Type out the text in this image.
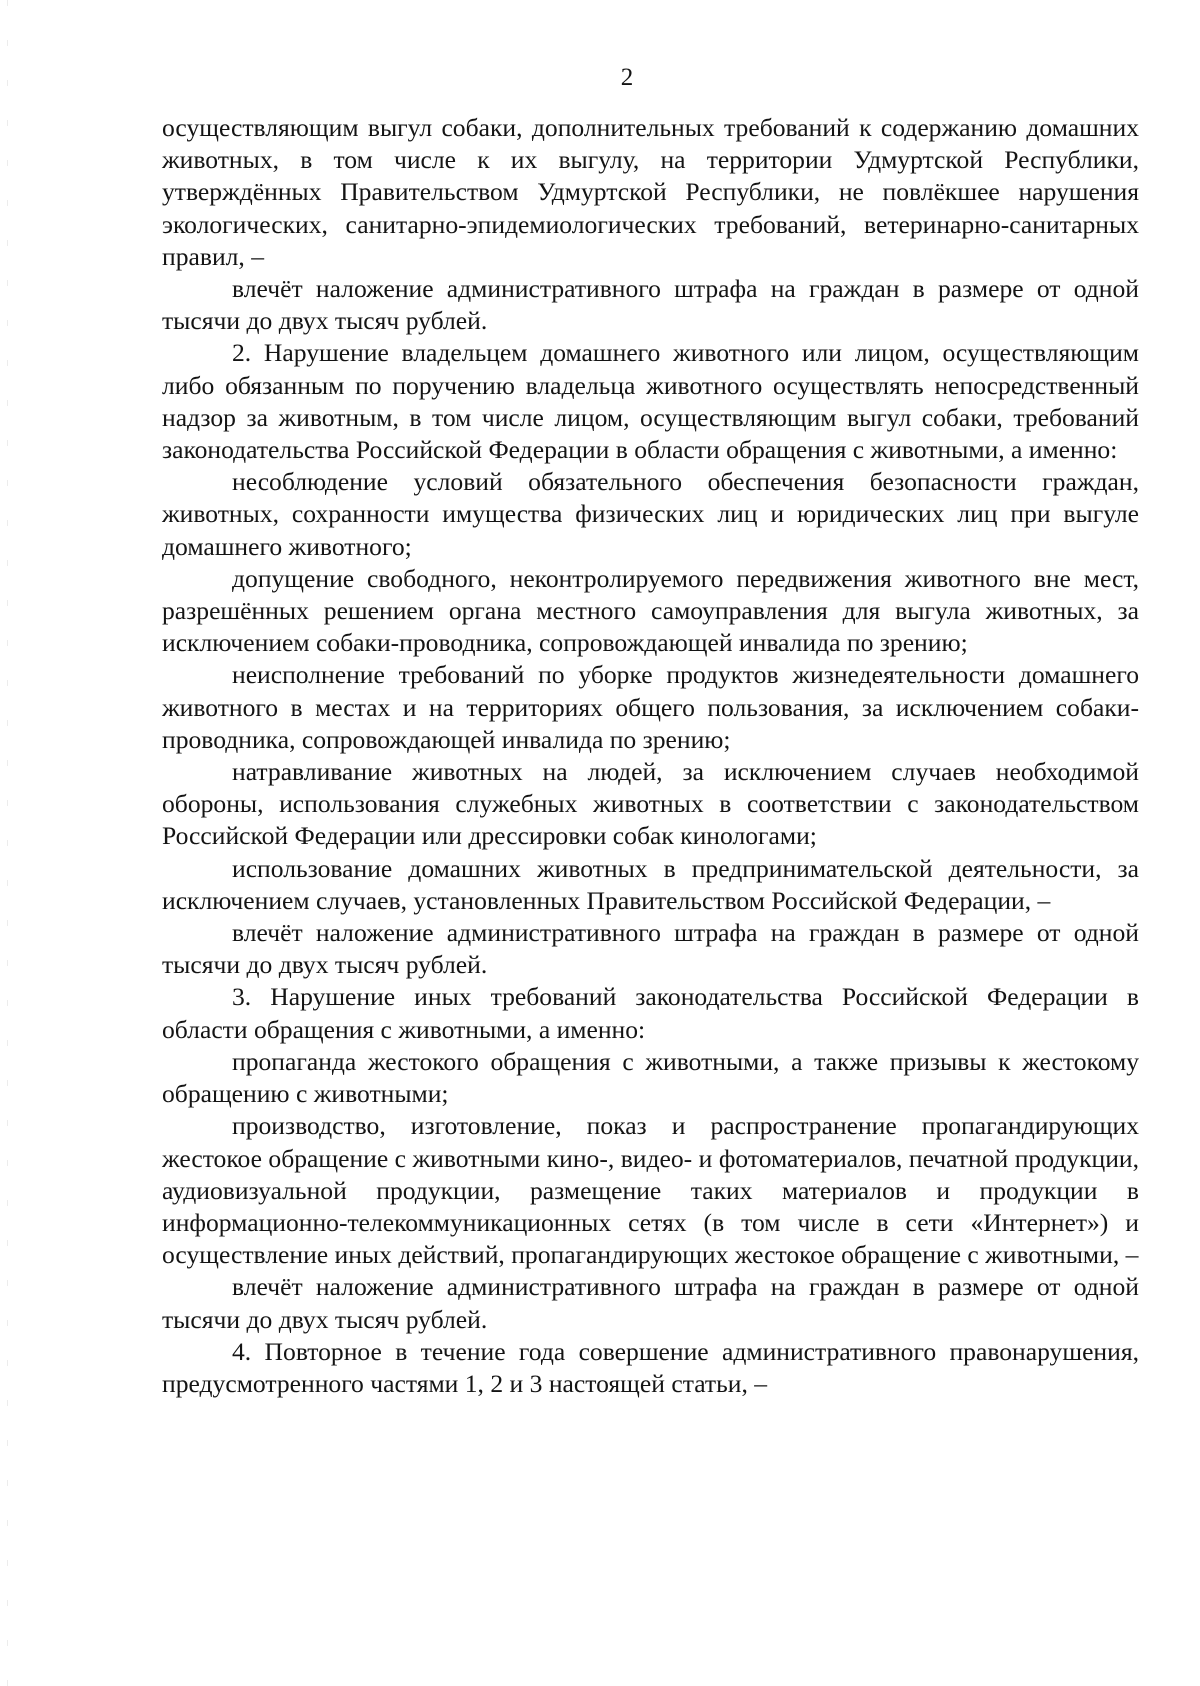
2

осуществляющим выгул собаки, дополнительных требований к содержанию домашних животных, в том числе к их выгулу, на территории Удмуртской Республики, утверждённых Правительством Удмуртской Республики, не повлёкшее нарушения экологических, санитарно-эпидемиологических требований, ветеринарно-санитарных правил, –

влечёт наложение административного штрафа на граждан в размере от одной тысячи до двух тысяч рублей.

2. Нарушение владельцем домашнего животного или лицом, осуществляющим либо обязанным по поручению владельца животного осуществлять непосредственный надзор за животным, в том числе лицом, осуществляющим выгул собаки, требований законодательства Российской Федерации в области обращения с животными, а именно:

несоблюдение условий обязательного обеспечения безопасности граждан, животных, сохранности имущества физических лиц и юридических лиц при выгуле домашнего животного;

допущение свободного, неконтролируемого передвижения животного вне мест, разрешённых решением органа местного самоуправления для выгула животных, за исключением собаки-проводника, сопровождающей инвалида по зрению;

неисполнение требований по уборке продуктов жизнедеятельности домашнего животного в местах и на территориях общего пользования, за исключением собаки-проводника, сопровождающей инвалида по зрению;

натравливание животных на людей, за исключением случаев необходимой обороны, использования служебных животных в соответствии с законодательством Российской Федерации или дрессировки собак кинологами;

использование домашних животных в предпринимательской деятельности, за исключением случаев, установленных Правительством Российской Федерации, –

влечёт наложение административного штрафа на граждан в размере от одной тысячи до двух тысяч рублей.

3. Нарушение иных требований законодательства Российской Федерации в области обращения с животными, а именно:

пропаганда жестокого обращения с животными, а также призывы к жестокому обращению с животными;

производство, изготовление, показ и распространение пропагандирующих жестокое обращение с животными кино-, видео- и фотоматериалов, печатной продукции, аудиовизуальной продукции, размещение таких материалов и продукции в информационно-телекоммуникационных сетях (в том числе в сети «Интернет») и осуществление иных действий, пропагандирующих жестокое обращение с животными, –

влечёт наложение административного штрафа на граждан в размере от одной тысячи до двух тысяч рублей.

4. Повторное в течение года совершение административного правонарушения, предусмотренного частями 1, 2 и 3 настоящей статьи, –
